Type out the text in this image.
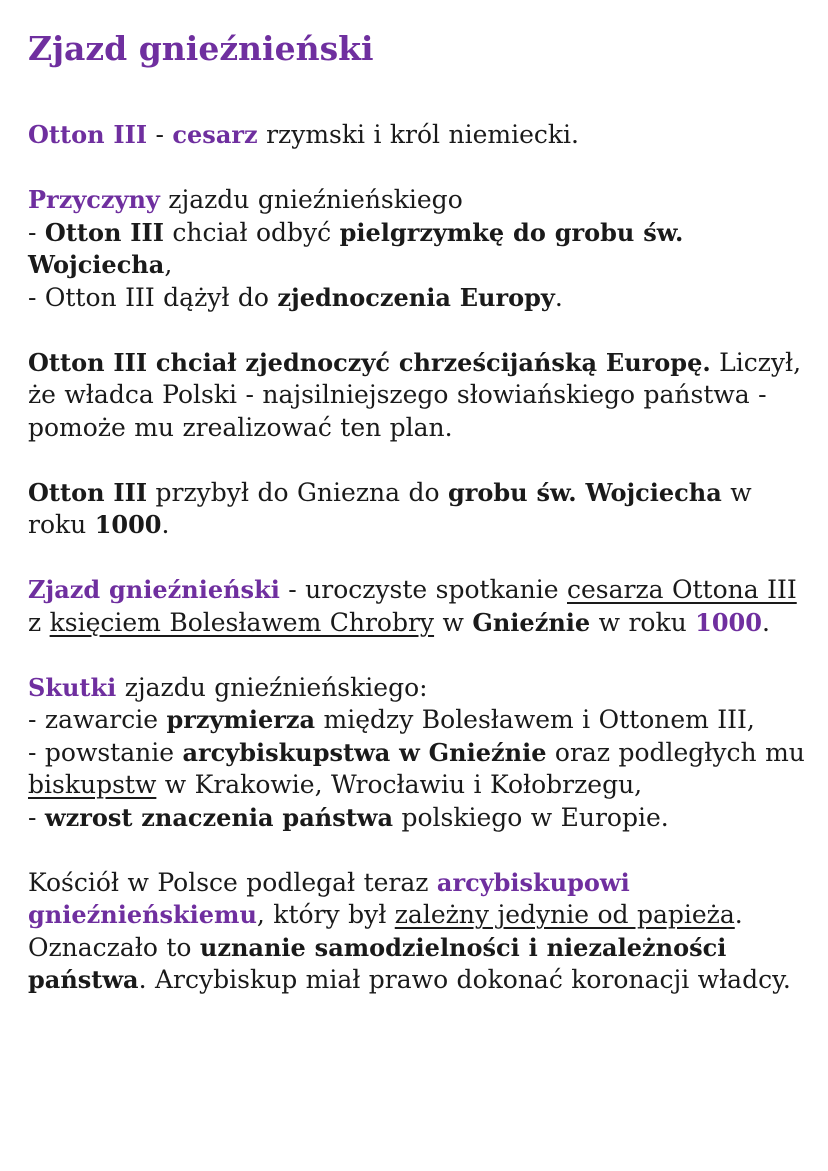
Zjazd gnieźnieński

Otton III - cesarz rzymski i król niemiecki.

Przyczyny zjazdu gnieźnieńskiego
- Otton III chciał odbyć pielgrzymkę do grobu św. Wojciecha,
- Otton III dążył do zjednoczenia Europy.

Otton III chciał zjednoczyć chrześcijańską Europę. Liczył, że władca Polski - najsilniejszego słowiańskiego państwa - pomoże mu zrealizować ten plan.

Otton III przybył do Gniezna do grobu św. Wojciecha w roku 1000.

Zjazd gnieźnieński - uroczyste spotkanie cesarza Ottona III z księciem Bolesławem Chrobry w Gnieźnie w roku 1000.

Skutki zjazdu gnieźnieńskiego:
- zawarcie przymierza między Bolesławem i Ottonem III,
- powstanie arcybiskupstwa w Gnieźnie oraz podległych mu biskupstw w Krakowie, Wrocławiu i Kołobrzegu,
- wzrost znaczenia państwa polskiego w Europie.

Kościół w Polsce podlegał teraz arcybiskupowi gnieźnieńskiemu, który był zależny jedynie od papieża. Oznaczało to uznanie samodzielności i niezależności państwa. Arcybiskup miał prawo dokonać koronacji władcy.
